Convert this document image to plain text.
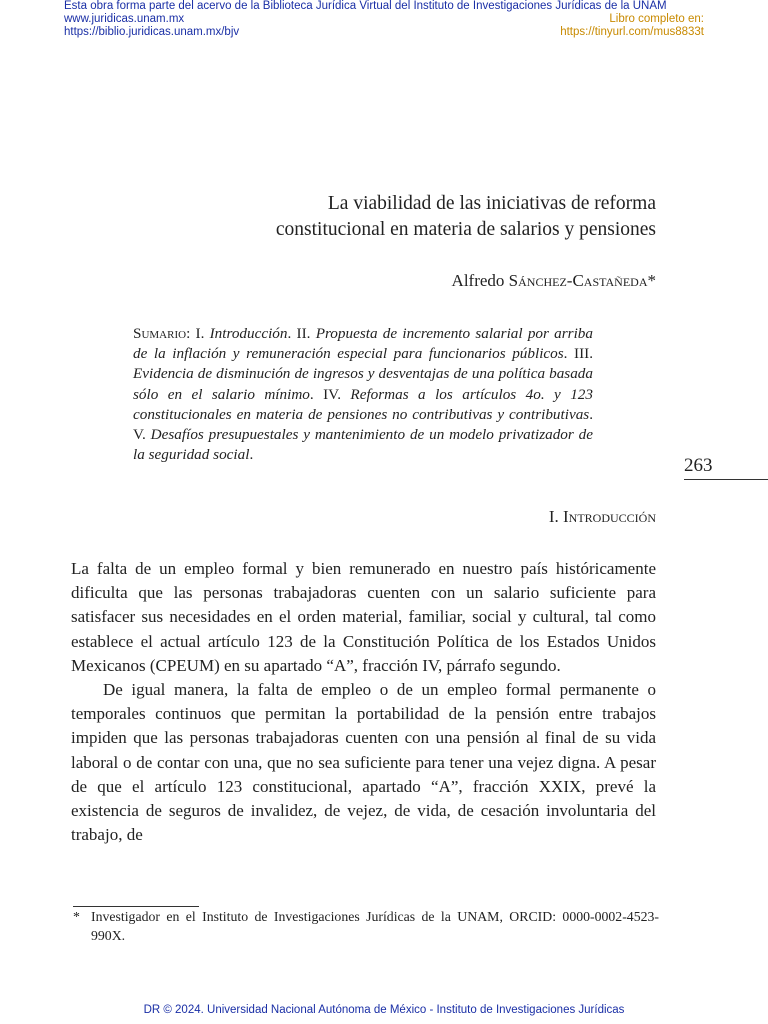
Esta obra forma parte del acervo de la Biblioteca Jurídica Virtual del Instituto de Investigaciones Jurídicas de la UNAM
www.juridicas.unam.mx	Libro completo en:
https://biblio.juridicas.unam.mx/bjv	https://tinyurl.com/mus8833t
La viabilidad de las iniciativas de reforma
constitucional en materia de salarios y pensiones
Alfredo Sánchez-Castañeda*
Sumario: I. Introducción. II. Propuesta de incremento salarial por arriba de la inflación y remuneración especial para funcionarios públicos. III. Evidencia de disminución de ingresos y desventajas de una política basada sólo en el salario mínimo. IV. Reformas a los artículos 4o. y 123 constitucionales en materia de pensiones no contributivas y contributivas. V. Desafíos presupuestales y mantenimiento de un modelo privatizador de la seguridad social.
263
I. Introducción

La falta de un empleo formal y bien remunerado en nuestro país históricamente dificulta que las personas trabajadoras cuenten con un salario suficiente para satisfacer sus necesidades en el orden material, familiar, social y cultural, tal como establece el actual artículo 123 de la Constitución Política de los Estados Unidos Mexicanos (CPEUM) en su apartado “A”, fracción IV, párrafo segundo.

De igual manera, la falta de empleo o de un empleo formal permanente o temporales continuos que permitan la portabilidad de la pensión entre trabajos impiden que las personas trabajadoras cuenten con una pensión al final de su vida laboral o de contar con una, que no sea suficiente para tener una vejez digna. A pesar de que el artículo 123 constitucional, apartado “A”, fracción XXIX, prevé la existencia de seguros de invalidez, de vejez, de vida, de cesación involuntaria del trabajo, de

* Investigador en el Instituto de Investigaciones Jurídicas de la UNAM, ORCID: 0000-0002-4523-990X.
DR © 2024. Universidad Nacional Autónoma de México - Instituto de Investigaciones Jurídicas
